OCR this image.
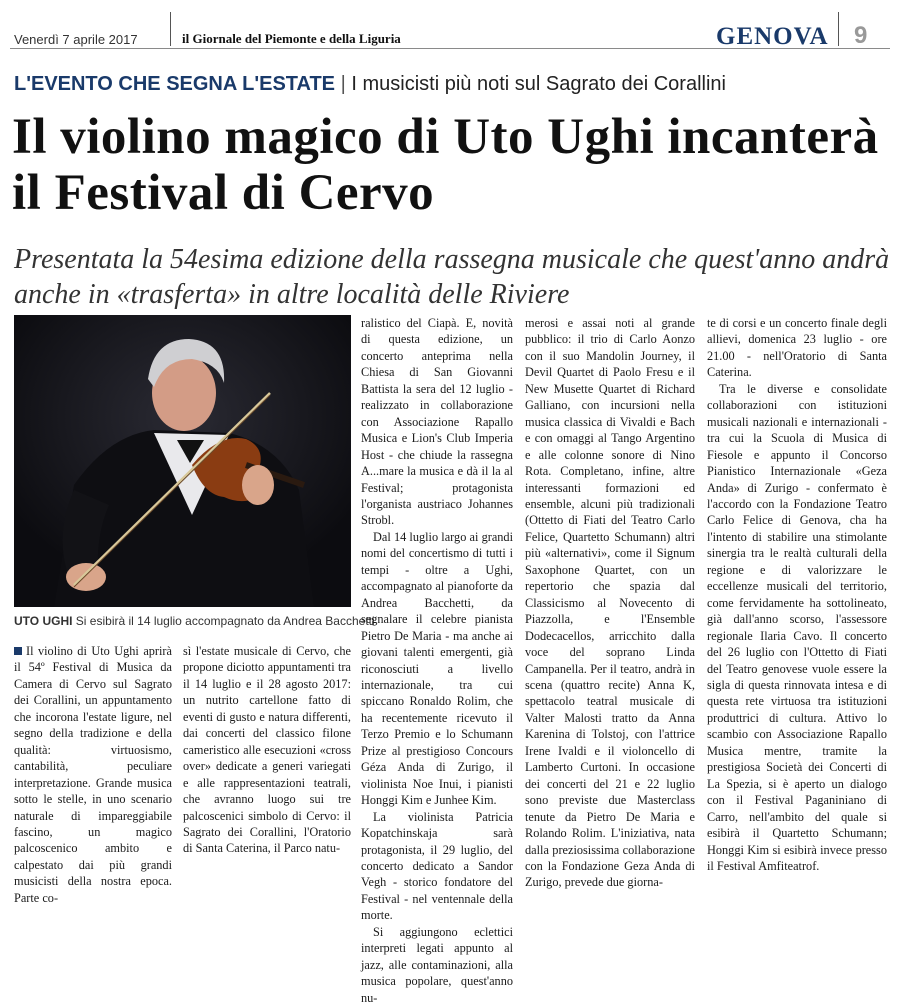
Venerdì 7 aprile 2017	il Giornale del Piemonte e della Liguria	GENOVA 9
L'EVENTO CHE SEGNA L'ESTATE | I musicisti più noti sul Sagrato dei Corallini
Il violino magico di Uto Ughi incanterà il Festival di Cervo
Presentata la 54esima edizione della rassegna musicale che quest'anno andrà anche in «trasferta» in altre località delle Riviere
UTO UGHI Si esibirà il 14 luglio accompagnato da Andrea Bacchetti

Il violino di Uto Ughi aprirà il 54º Festival di Musica da Camera di Cervo sul Sagrato dei Corallini, un appuntamento che incorona l'estate ligure, nel segno della tradizione e della qualità: virtuosismo, cantabilità, peculiare interpretazione. Grande musica sotto le stelle, in uno scenario naturale di impareggiabile fascino, un magico palcoscenico ambito e calpestato dai più grandi musicisti della nostra epoca. Parte co-

sì l'estate musicale di Cervo, che propone diciotto appuntamenti tra il 14 luglio e il 28 agosto 2017: un nutrito cartellone fatto di eventi di gusto e natura differenti, dai concerti del classico filone cameristico alle esecuzioni «cross over» dedicate a generi variegati e alle rappresentazioni teatrali, che avranno luogo sui tre palcoscenici simbolo di Cervo: il Sagrato dei Corallini, l'Oratorio di Santa Caterina, il Parco natu-

ralistico del Ciapà. E, novità di questa edizione, un concerto anteprima nella Chiesa di San Giovanni Battista la sera del 12 luglio - realizzato in collaborazione con Associazione Rapallo Musica e Lion's Club Imperia Host - che chiude la rassegna A...mare la musica e dà il la al Festival; protagonista l'organista austriaco Johannes Strobl.

Dal 14 luglio largo ai grandi nomi del concertismo di tutti i tempi - oltre a Ughi, accompagnato al pianoforte da Andrea Bacchetti, da segnalare il celebre pianista Pietro De Maria - ma anche ai giovani talenti emergenti, già riconosciuti a livello internazionale, tra cui spiccano Ronaldo Rolim, che ha recentemente ricevuto il Terzo Premio e lo Schumann Prize al prestigioso Concours Géza Anda di Zurigo, il violinista Noe Inui, i pianisti Honggi Kim e Junhee Kim.

La violinista Patricia Kopatchinskaja sarà protagonista, il 29 luglio, del concerto dedicato a Sandor Vegh - storico fondatore del Festival - nel ventennale della morte.

Si aggiungono eclettici interpreti legati appunto al jazz, alle contaminazioni, alla musica popolare, quest'anno nu-

merosi e assai noti al grande pubblico: il trio di Carlo Aonzo con il suo Mandolin Journey, il Devil Quartet di Paolo Fresu e il New Musette Quartet di Richard Galliano, con incursioni nella musica classica di Vivaldi e Bach e con omaggi al Tango Argentino e alle colonne sonore di Nino Rota. Completano, infine, altre interessanti formazioni ed ensemble, alcuni più tradizionali (Ottetto di Fiati del Teatro Carlo Felice, Quartetto Schumann) altri più «alternativi», come il Signum Saxophone Quartet, con un repertorio che spazia dal Classicismo al Novecento di Piazzolla, e l'Ensemble Dodecacellos, arricchito dalla voce del soprano Linda Campanella. Per il teatro, andrà in scena (quattro recite) Anna K, spettacolo teatral musicale di Valter Malosti tratto da Anna Karenina di Tolstoj, con l'attrice Irene Ivaldi e il violoncello di Lamberto Curtoni. In occasione dei concerti del 21 e 22 luglio sono previste due Masterclass tenute da Pietro De Maria e Rolando Rolim. L'iniziativa, nata dalla preziosissima collaborazione con la Fondazione Geza Anda di Zurigo, prevede due giorna-

te di corsi e un concerto finale degli allievi, domenica 23 luglio - ore 21.00 - nell'Oratorio di Santa Caterina.

Tra le diverse e consolidate collaborazioni con istituzioni musicali nazionali e internazionali - tra cui la Scuola di Musica di Fiesole e appunto il Concorso Pianistico Internazionale «Geza Anda» di Zurigo - confermato è l'accordo con la Fondazione Teatro Carlo Felice di Genova, cha ha l'intento di stabilire una stimolante sinergia tra le realtà culturali della regione e di valorizzare le eccellenze musicali del territorio, come fervidamente ha sottolineato, già dall'anno scorso, l'assessore regionale Ilaria Cavo. Il concerto del 26 luglio con l'Ottetto di Fiati del Teatro genovese vuole essere la sigla di questa rinnovata intesa e di questa rete virtuosa tra istituzioni produttrici di cultura. Attivo lo scambio con Associazione Rapallo Musica mentre, tramite la prestigiosa Società dei Concerti di La Spezia, si è aperto un dialogo con il Festival Paganiniano di Carro, nell'ambito del quale si esibirà il Quartetto Schumann; Honggi Kim si esibirà invece presso il Festival Amfiteatrof.
